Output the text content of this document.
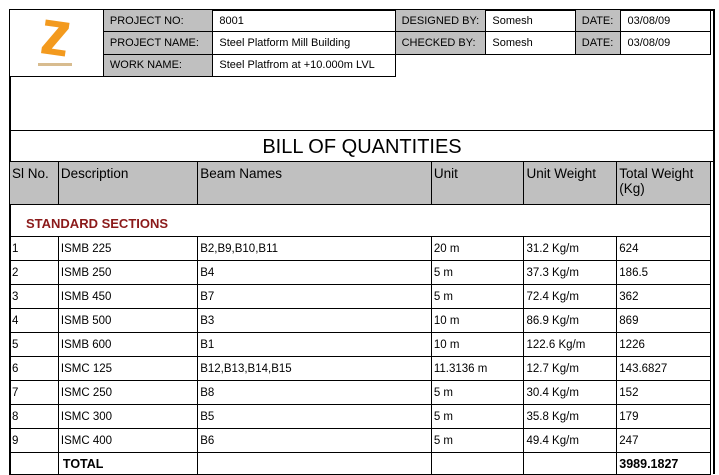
	PROJECT NO:	8001	DESIGNED BY:	Somesh	DATE:	03/08/09
	PROJECT NAME:	Steel Platform Mill Building	CHECKED BY:	Somesh	DATE:	03/08/09
	WORK NAME:	Steel Platfrom at +10.000m LVL				
BILL OF QUANTITIES
Sl No.	Description	Beam Names	Unit	Unit Weight	Total Weight (Kg)
STANDARD SECTIONS					
1	ISMB 225	B2,B9,B10,B11	20 m	31.2 Kg/m	624
2	ISMB 250	B4	5 m	37.3 Kg/m	186.5
3	ISMB 450	B7	5 m	72.4 Kg/m	362
4	ISMB 500	B3	10 m	86.9 Kg/m	869
5	ISMB 600	B1	10 m	122.6 Kg/m	1226
6	ISMC 125	B12,B13,B14,B15	11.3136 m	12.7 Kg/m	143.6827
7	ISMC 250	B8	5 m	30.4 Kg/m	152
8	ISMC 300	B5	5 m	35.8 Kg/m	179
9	ISMC 400	B6	5 m	49.4 Kg/m	247
	TOTAL				3989.1827
